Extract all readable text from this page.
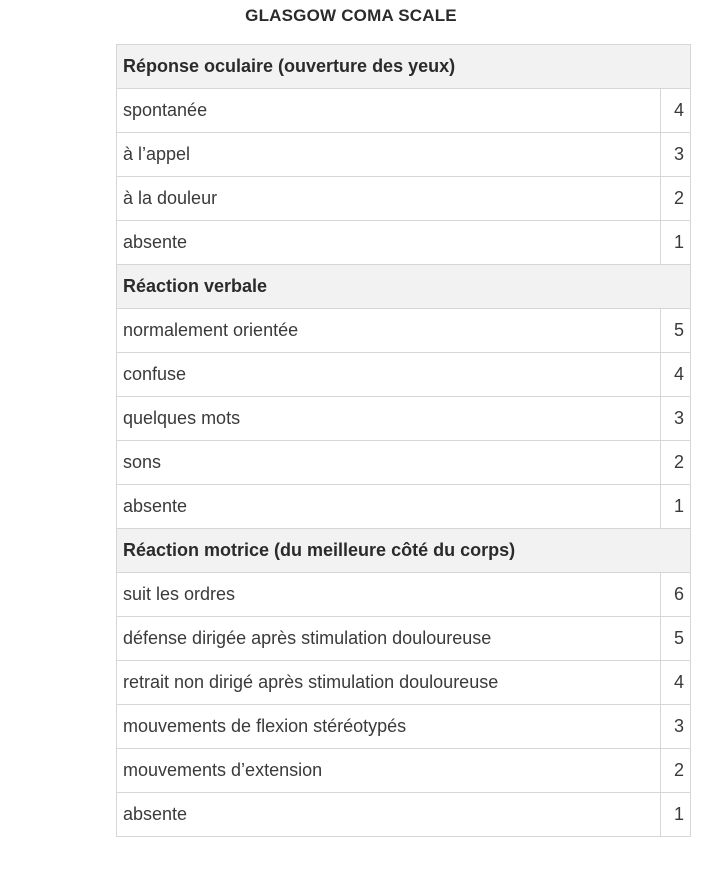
GLASGOW COMA SCALE
Réponse oculaire (ouverture des yeux)	
spontanée	4
à l’appel	3
à la douleur	2
absente	1
Réaction verbale	
normalement orientée	5
confuse	4
quelques mots	3
sons	2
absente	1
Réaction motrice (du meilleure côté du corps)	
suit les ordres	6
défense dirigée après stimulation douloureuse	5
retrait non dirigé après stimulation douloureuse	4
mouvements de flexion stéréotypés	3
mouvements d’extension	2
absente	1
